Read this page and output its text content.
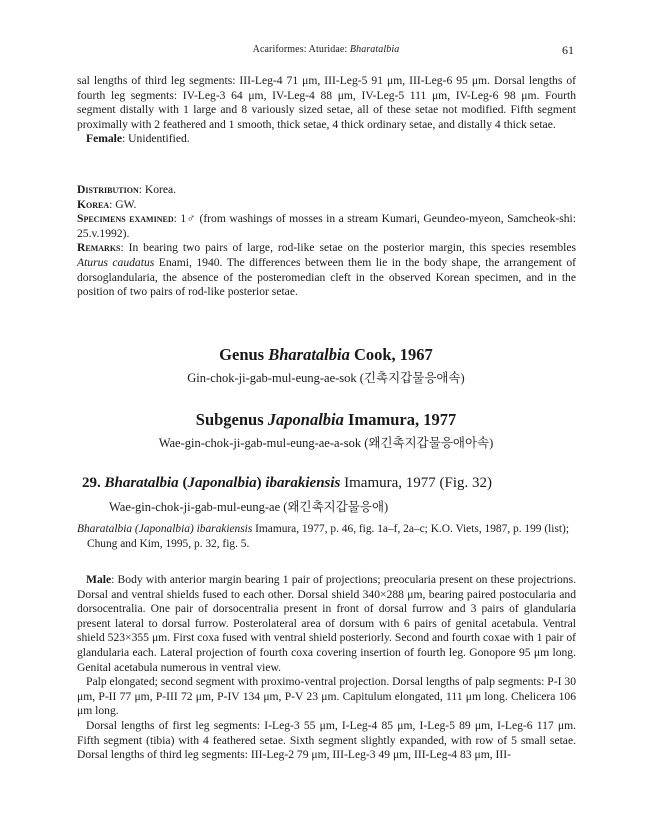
Acariformes: Aturidae: Bharatalbia	61

sal lengths of third leg segments: III-Leg-4 71 μm, III-Leg-5 91 μm, III-Leg-6 95 μm. Dorsal lengths of fourth leg segments: IV-Leg-3 64 μm, IV-Leg-4 88 μm, IV-Leg-5 111 μm, IV-Leg-6 98 μm. Fourth segment distally with 1 large and 8 variously sized setae, all of these setae not modified. Fifth segment proximally with 2 feathered and 1 smooth, thick setae, 4 thick ordinary setae, and distally 4 thick setae.

Female: Unidentified.

Distribution: Korea.

Korea: GW.

Specimens examined: 1♂ (from washings of mosses in a stream Kumari, Geundeo-myeon, Samcheok-shi: 25.v.1992).

Remarks: In bearing two pairs of large, rod-like setae on the posterior margin, this species resembles Aturus caudatus Enami, 1940. The differences between them lie in the body shape, the arrangement of dorsoglandularia, the absence of the posteromedian cleft in the observed Korean specimen, and in the position of two pairs of rod-like posterior setae.

Genus Bharatalbia Cook, 1967
Gin-chok-ji-gab-mul-eung-ae-sok (긴촉지갑물응애속)
Subgenus Japonalbia Imamura, 1977
Wae-gin-chok-ji-gab-mul-eung-ae-a-sok (왜긴촉지갑물응애아속)
29. Bharatalbia (Japonalbia) ibarakiensis Imamura, 1977 (Fig. 32)
Wae-gin-chok-ji-gab-mul-eung-ae (왜긴촉지갑물응애)
Bharatalbia (Japonalbia) ibarakiensis Imamura, 1977, p. 46, fig. 1a–f, 2a–c; K.O. Viets, 1987, p. 199 (list); Chung and Kim, 1995, p. 32, fig. 5.

Male: Body with anterior margin bearing 1 pair of projections; preocularia present on these projectrions. Dorsal and ventral shields fused to each other. Dorsal shield 340×288 μm, bearing paired postocularia and dorsocentralia. One pair of dorsocentralia present in front of dorsal furrow and 3 pairs of glandularia present lateral to dorsal furrow. Posterolateral area of dorsum with 6 pairs of genital acetabula. Ventral shield 523×355 μm. First coxa fused with ventral shield posteriorly. Second and fourth coxae with 1 pair of glandularia each. Lateral projection of fourth coxa covering insertion of fourth leg. Gonopore 95 μm long. Genital acetabula numerous in ventral view.

Palp elongated; second segment with proximo-ventral projection. Dorsal lengths of palp segments: P-I 30 μm, P-II 77 μm, P-III 72 μm, P-IV 134 μm, P-V 23 μm. Capitulum elongated, 111 μm long. Chelicera 106 μm long.

Dorsal lengths of first leg segments: I-Leg-3 55 μm, I-Leg-4 85 μm, I-Leg-5 89 μm, I-Leg-6 117 μm. Fifth segment (tibia) with 4 feathered setae. Sixth segment slightly expanded, with row of 5 small setae. Dorsal lengths of third leg segments: III-Leg-2 79 μm, III-Leg-3 49 μm, III-Leg-4 83 μm, III-
